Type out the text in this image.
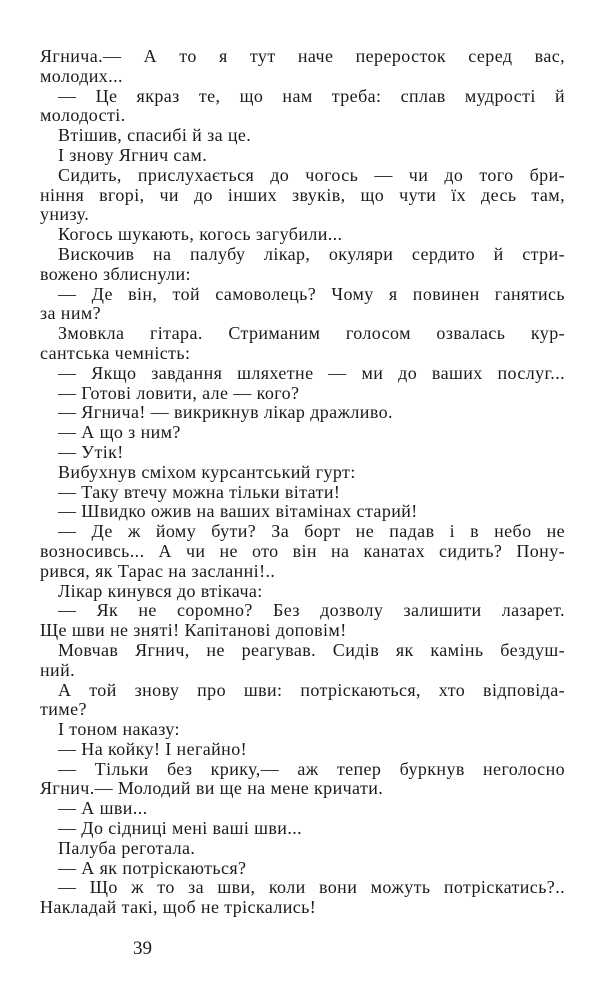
Ягнича.— А то я тут наче переросток серед вас,
молодих...
— Це якраз те, що нам треба: сплав мудрості й
молодості.
Втішив, спасибі й за це.
І знову Ягнич сам.
Сидить, прислухається до чогось — чи до того бри-
ніння вгорі, чи до інших звуків, що чути їх десь там,
унизу.
Когось шукають, когось загубили...
Вискочив на палубу лікар, окуляри сердито й стри-
вожено зблиснули:
— Де він, той самоволець? Чому я повинен ганятись
за ним?
Змовкла гітара. Стриманим голосом озвалась кур-
сантська чемність:
— Якщо завдання шляхетне — ми до ваших послуг...
— Готові ловити, але — кого?
— Ягнича! — викрикнув лікар дражливо.
— А що з ним?
— Утік!
Вибухнув сміхом курсантський гурт:
— Таку втечу можна тільки вітати!
— Швидко ожив на ваших вітамінах старий!
— Де ж йому бути? За борт не падав і в небо не
возносивсь... А чи не ото він на канатах сидить? Пону-
рився, як Тарас на засланні!..
Лікар кинувся до втікача:
— Як не соромно? Без дозволу залишити лазарет.
Ще шви не зняті! Капітанові доповім!
Мовчав Ягнич, не реагував. Сидів як камінь бездуш-
ний.
А той знову про шви: потріскаються, хто відповіда-
тиме?
І тоном наказу:
— На койку! І негайно!
— Тільки без крику,— аж тепер буркнув неголосно
Ягнич.— Молодий ви ще на мене кричати.
— А шви...
— До сідниці мені ваші шви...
Палуба реготала.
— А як потріскаються?
— Що ж то за шви, коли вони можуть потріскатись?..
Накладай такі, щоб не тріскались!
39
